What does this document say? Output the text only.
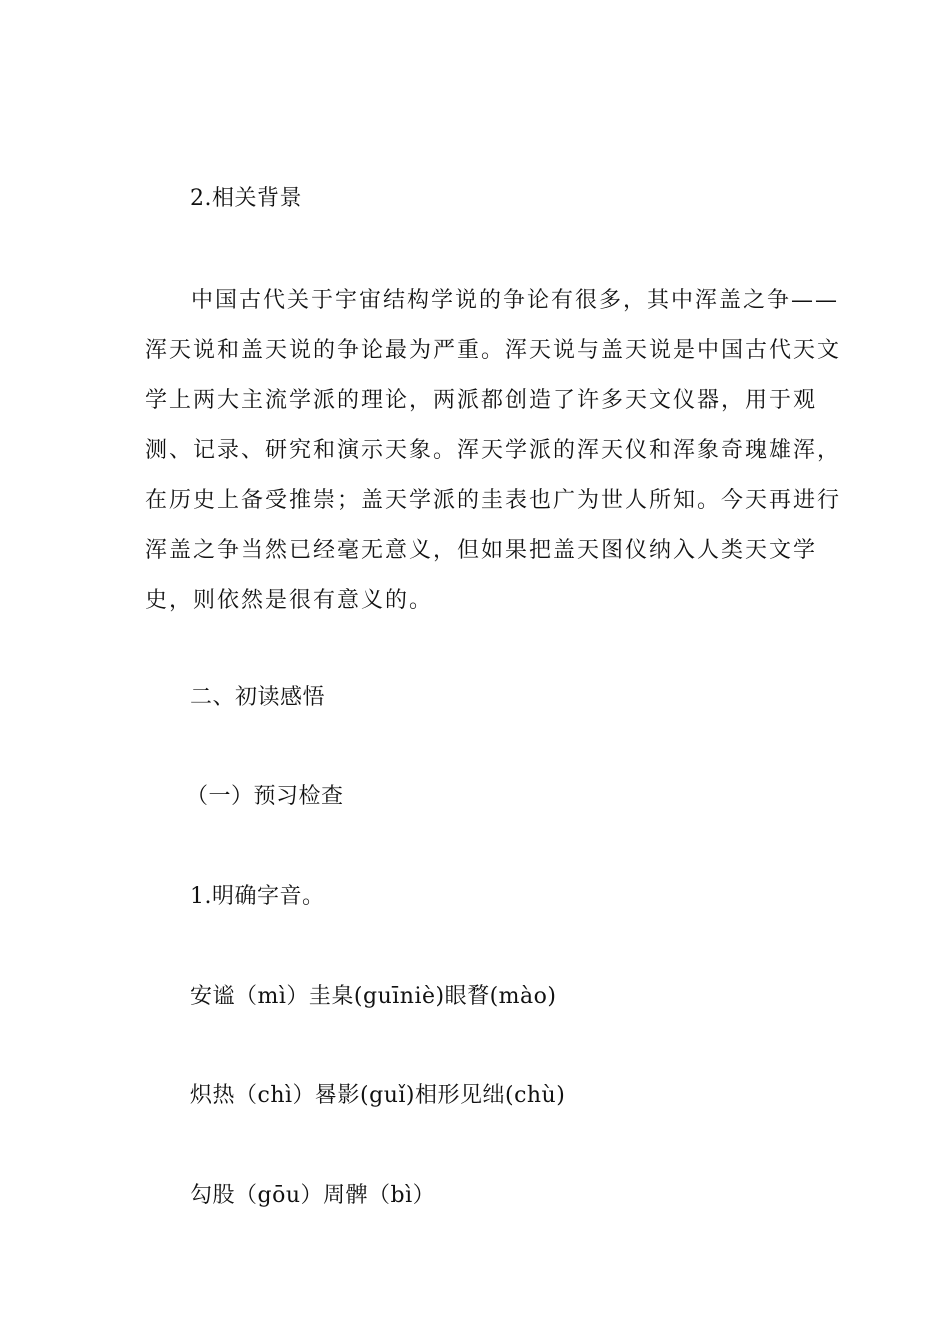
2.相关背景
中国古代关于宇宙结构学说的争论有很多，其中浑盖之争——
浑天说和盖天说的争论最为严重。浑天说与盖天说是中国古代天文
学上两大主流学派的理论，两派都创造了许多天文仪器，用于观
测、记录、研究和演示天象。浑天学派的浑天仪和浑象奇瑰雄浑，
在历史上备受推崇；盖天学派的圭表也广为世人所知。今天再进行
浑盖之争当然已经毫无意义，但如果把盖天图仪纳入人类天文学
史，则依然是很有意义的。
二、初读感悟
（一）预习检查
1.明确字音。
安谧（mì）圭臬(guīniè)眼瞀(mào)
炽热（chì）晷影(guǐ)相形见绌(chù)
勾股（gōu）周髀（bì）
